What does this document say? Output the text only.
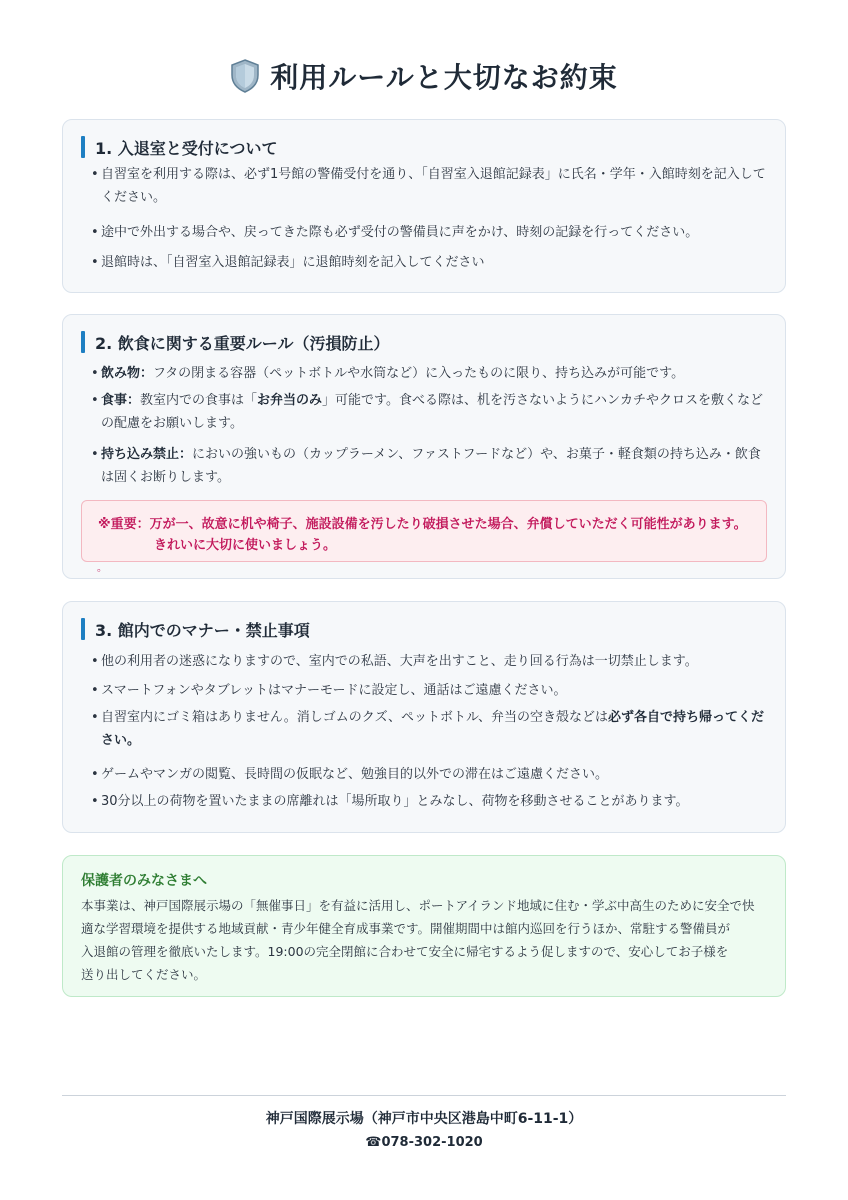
利用ルールと大切なお約束
1. 入退室と受付について
• 自習室を利用する際は、必ず1号館の警備受付を通り、「自習室入退館記録表」に氏名・学年・入館時刻を記入してください。
• 途中で外出する場合や、戻ってきた際も必ず受付の警備員に声をかけ、時刻の記録を行ってください。
• 退館時は、「自習室入退館記録表」に退館時刻を記入してください
2. 飲食に関する重要ルール（汚損防止）
• 飲み物：フタの閉まる容器（ペットボトルや水筒など）に入ったものに限り、持ち込みが可能です。
• 食事：教室内での食事は「お弁当のみ」可能です。食べる際は、机を汚さないようにハンカチやクロスを敷くなどの配慮をお願いします。
• 持ち込み禁止：においの強いもの（カップラーメン、ファストフードなど）や、お菓子・軽食類の持ち込み・飲食は固くお断りします。
※重要：万が一、故意に机や椅子、施設設備を汚したり破損させた場合、弁償していただく可能性があります。
きれいに大切に使いましょう。
。
3. 館内でのマナー・禁止事項
• 他の利用者の迷惑になりますので、室内での私語、大声を出すこと、走り回る行為は一切禁止します。
• スマートフォンやタブレットはマナーモードに設定し、通話はご遠慮ください。
• 自習室内にゴミ箱はありません。消しゴムのクズ、ペットボトル、弁当の空き殻などは必ず各自で持ち帰ってください。
• ゲームやマンガの閲覧、長時間の仮眠など、勉強目的以外での滞在はご遠慮ください。
• 30分以上の荷物を置いたままの席離れは「場所取り」とみなし、荷物を移動させることがあります。
保護者のみなさまへ
本事業は、神戸国際展示場の「無催事日」を有益に活用し、ポートアイランド地域に住む・学ぶ中高生のために安全で快
適な学習環境を提供する地域貢献・青少年健全育成事業です。開催期間中は館内巡回を行うほか、常駐する警備員が
入退館の管理を徹底いたします。19:00の完全閉館に合わせて安全に帰宅するよう促しますので、安心してお子様を
送り出してください。
神戸国際展示場（神戸市中央区港島中町6-11-1）
☎078-302-1020
